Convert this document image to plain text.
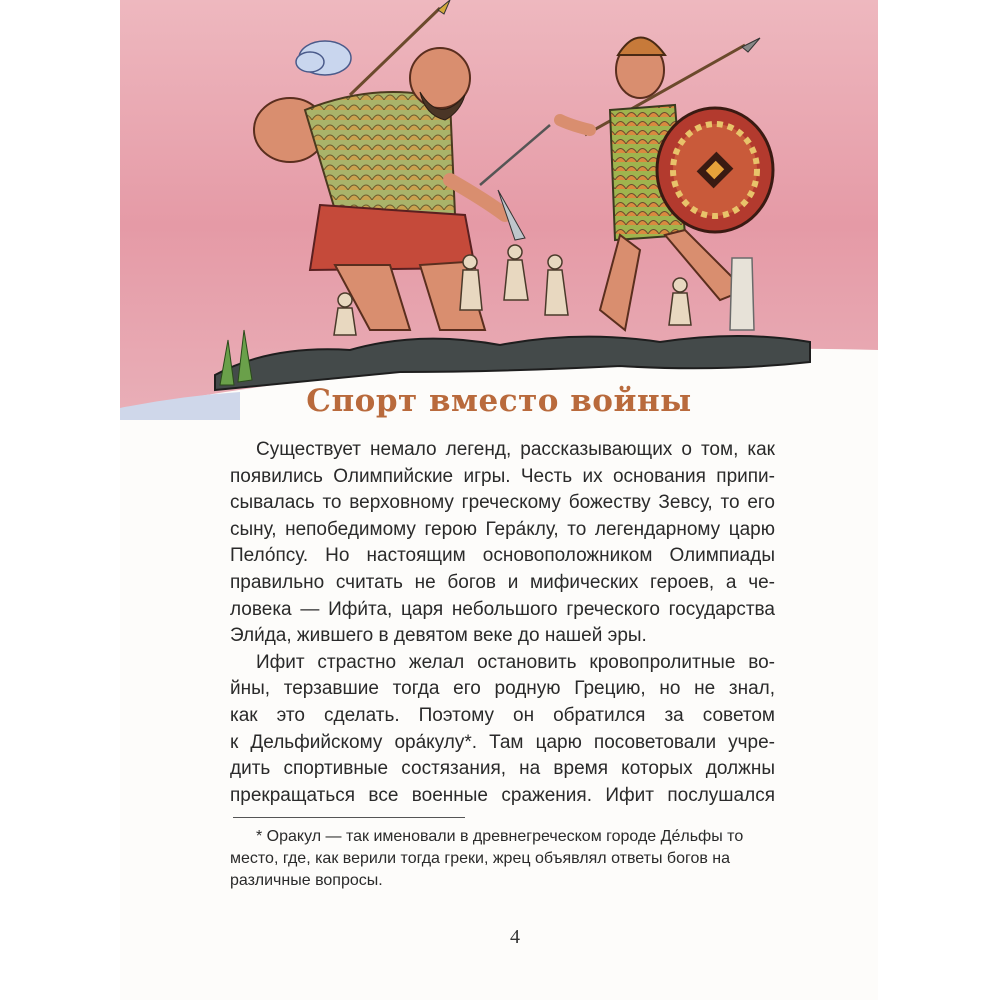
Спорт вместо войны
Существует немало легенд, рассказывающих о том, как
появились Олимпийские игры. Честь их основания припи-
сывалась то верховному греческому божеству Зевсу, то его
сыну, непобедимому герою Гера́клу, то легендарному царю
Пело́псу. Но настоящим основоположником Олимпиады
правильно считать не богов и мифических героев, а че-
ловека — Ифи́та, царя небольшого греческого государства
Эли́да, жившего в девятом веке до нашей эры.
Ифит страстно желал остановить кровопролитные во-
йны, терзавшие тогда его родную Грецию, но не знал,
как это сделать. Поэтому он обратился за советом
к Дельфийскому ора́кулу*. Там царю посоветовали учре-
дить спортивные состязания, на время которых должны
прекращаться все военные сражения. Ифит послушался
* Оракул — так именовали в древнегреческом городе Де́льфы то
место, где, как верили тогда греки, жрец объявлял ответы богов на
различные вопросы.
4
